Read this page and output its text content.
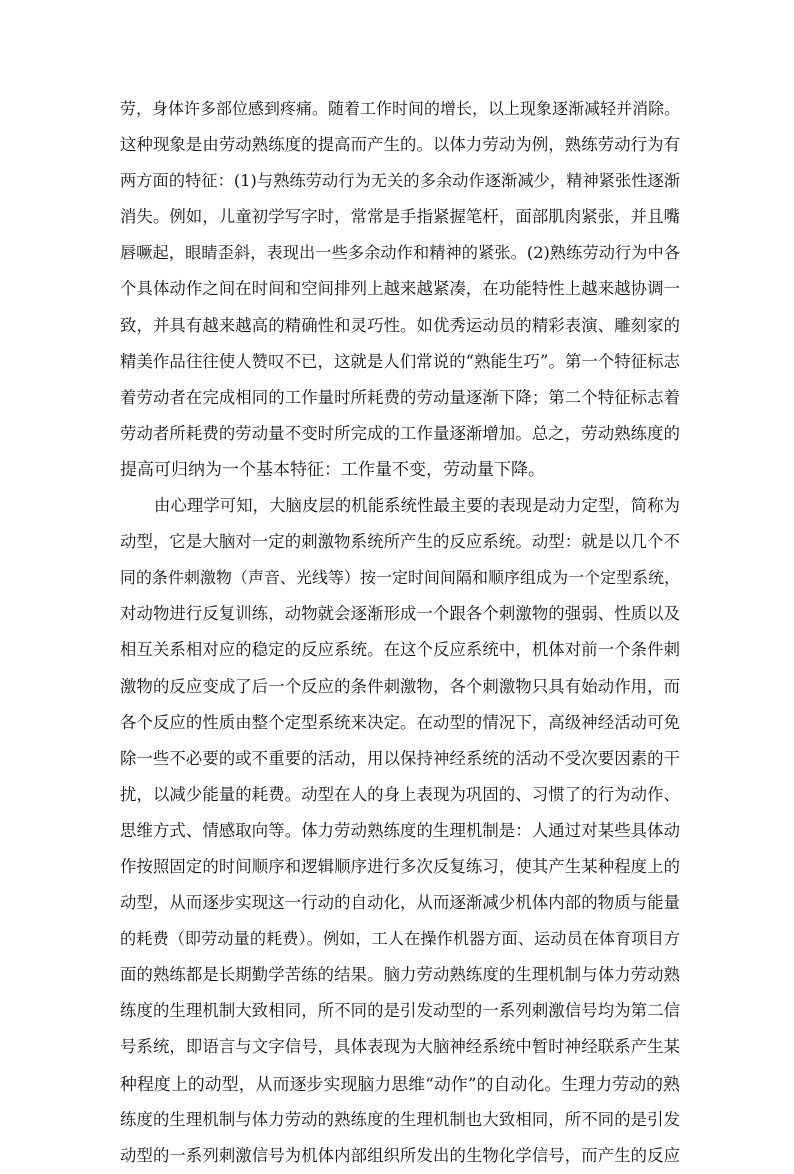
劳，身体许多部位感到疼痛。随着工作时间的增长，以上现象逐渐减轻并消除。
这种现象是由劳动熟练度的提高而产生的。以体力劳动为例，熟练劳动行为有
两方面的特征：(1)与熟练劳动行为无关的多余动作逐渐减少，精神紧张性逐渐
消失。例如，儿童初学写字时，常常是手指紧握笔杆，面部肌肉紧张，并且嘴
唇噘起，眼睛歪斜，表现出一些多余动作和精神的紧张。(2)熟练劳动行为中各
个具体动作之间在时间和空间排列上越来越紧凑，在功能特性上越来越协调一
致，并具有越来越高的精确性和灵巧性。如优秀运动员的精彩表演、雕刻家的
精美作品往往使人赞叹不已，这就是人们常说的“熟能生巧”。第一个特征标志
着劳动者在完成相同的工作量时所耗费的劳动量逐渐下降；第二个特征标志着
劳动者所耗费的劳动量不变时所完成的工作量逐渐增加。总之，劳动熟练度的
提高可归纳为一个基本特征：工作量不变，劳动量下降。
由心理学可知，大脑皮层的机能系统性最主要的表现是动力定型，简称为
动型，它是大脑对一定的刺激物系统所产生的反应系统。动型：就是以几个不
同的条件刺激物（声音、光线等）按一定时间间隔和顺序组成为一个定型系统，
对动物进行反复训练，动物就会逐渐形成一个跟各个刺激物的强弱、性质以及
相互关系相对应的稳定的反应系统。在这个反应系统中，机体对前一个条件刺
激物的反应变成了后一个反应的条件刺激物，各个刺激物只具有始动作用，而
各个反应的性质由整个定型系统来决定。在动型的情况下，高级神经活动可免
除一些不必要的或不重要的活动，用以保持神经系统的活动不受次要因素的干
扰，以减少能量的耗费。动型在人的身上表现为巩固的、习惯了的行为动作、
思维方式、情感取向等。体力劳动熟练度的生理机制是：人通过对某些具体动
作按照固定的时间顺序和逻辑顺序进行多次反复练习，使其产生某种程度上的
动型，从而逐步实现这一行动的自动化，从而逐渐减少机体内部的物质与能量
的耗费（即劳动量的耗费）。例如，工人在操作机器方面、运动员在体育项目方
面的熟练都是长期勤学苦练的结果。脑力劳动熟练度的生理机制与体力劳动熟
练度的生理机制大致相同，所不同的是引发动型的一系列刺激信号均为第二信
号系统，即语言与文字信号，具体表现为大脑神经系统中暂时神经联系产生某
种程度上的动型，从而逐步实现脑力思维“动作”的自动化。生理力劳动的熟
练度的生理机制与体力劳动的熟练度的生理机制也大致相同，所不同的是引发
动型的一系列刺激信号为机体内部组织所发出的生物化学信号，而产生的反应
